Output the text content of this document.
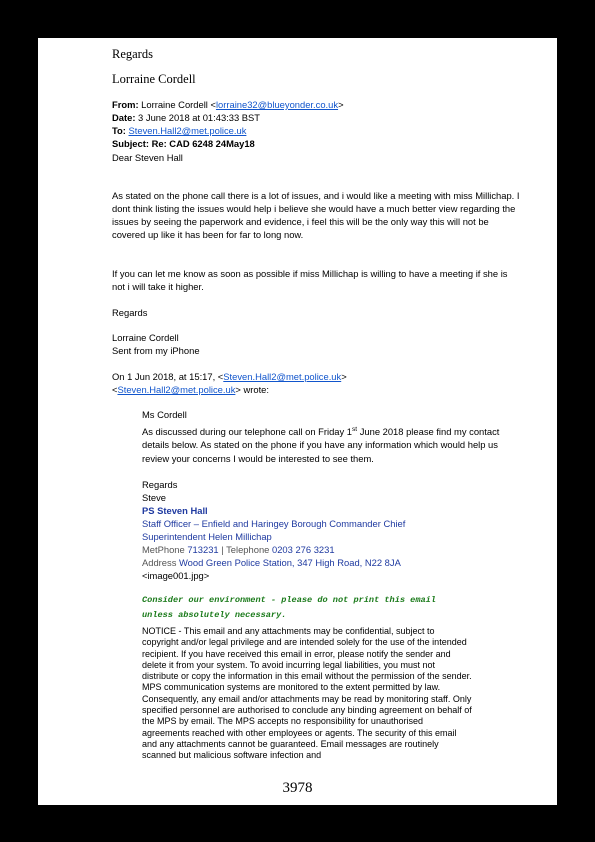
Regards
Lorraine Cordell
From: Lorraine Cordell <lorraine32@blueyonder.co.uk>
Date: 3 June 2018 at 01:43:33 BST
To: Steven.Hall2@met.police.uk
Subject: Re: CAD 6248 24May18
Dear Steven Hall
As stated on the phone call there is a lot of issues, and i would like a meeting with miss Millichap. I dont think listing the issues would help i believe she would have a much better view regarding the issues by seeing the paperwork and evidence, i feel this will be the only way this will not be covered up like it has been for far to long now.
If you can let me know as soon as possible if miss Millichap is willing to have a meeting if she is not i will take it higher.
Regards
Lorraine Cordell
Sent from my iPhone
On 1 Jun 2018, at 15:17, <Steven.Hall2@met.police.uk>
<Steven.Hall2@met.police.uk> wrote:
Ms Cordell
As discussed during our telephone call on Friday 1st June 2018 please find my contact details below. As stated on the phone if you have any information which would help us review your concerns I would be interested to see them.
Regards
Steve
PS Steven Hall
Staff Officer – Enfield and Haringey Borough Commander Chief Superintendent Helen Millichap
MetPhone 713231 | Telephone 0203 276 3231
Address Wood Green Police Station, 347 High Road, N22 8JA
<image001.jpg>
Consider our environment - please do not print this email unless absolutely necessary.
NOTICE - This email and any attachments may be confidential, subject to copyright and/or legal privilege and are intended solely for the use of the intended recipient. If you have received this email in error, please notify the sender and delete it from your system. To avoid incurring legal liabilities, you must not distribute or copy the information in this email without the permission of the sender. MPS communication systems are monitored to the extent permitted by law. Consequently, any email and/or attachments may be read by monitoring staff. Only specified personnel are authorised to conclude any binding agreement on behalf of the MPS by email. The MPS accepts no responsibility for unauthorised agreements reached with other employees or agents. The security of this email and any attachments cannot be guaranteed. Email messages are routinely scanned but malicious software infection and
3978
